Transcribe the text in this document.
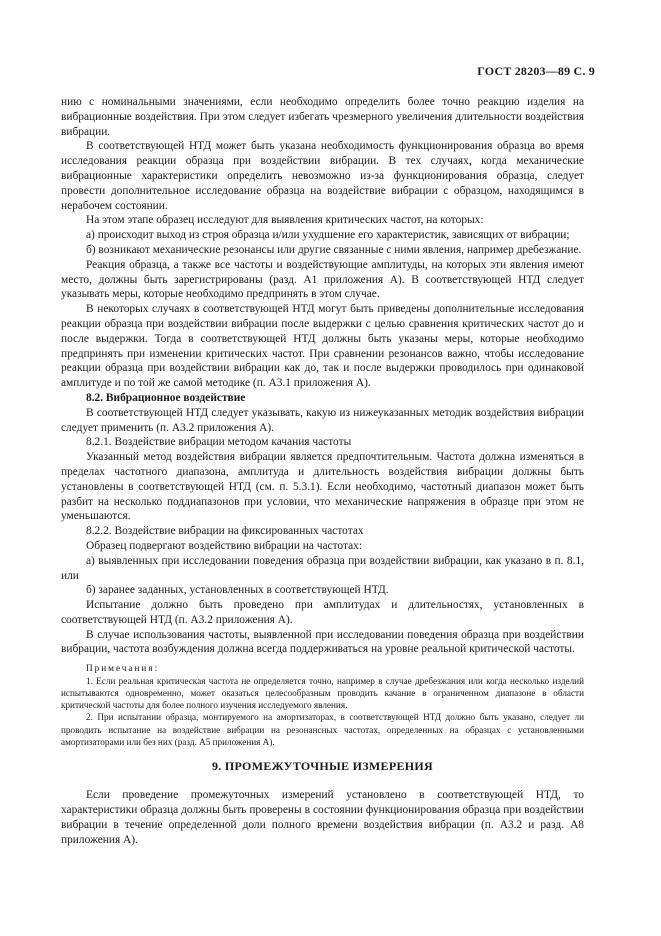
ГОСТ 28203—89 С. 9

нию с номинальными значениями, если необходимо определить более точно реакцию изделия на вибрационные воздействия. При этом следует избегать чрезмерного увеличения длительности воздействия вибрации.

В соответствующей НТД может быть указана необходимость функционирования образца во время исследования реакции образца при воздействии вибрации. В тех случаях, когда механические вибрационные характеристики определить невозможно из-за функционирования образца, следует провести дополнительное исследование образца на воздействие вибрации с образцом, находящимся в нерабочем состоянии.

На этом этапе образец исследуют для выявления критических частот, на которых:

а) происходит выход из строя образца и/или ухудшение его характеристик, зависящих от вибрации;

б) возникают механические резонансы или другие связанные с ними явления, например дребезжание.

Реакция образца, а также все частоты и воздействующие амплитуды, на которых эти явления имеют место, должны быть зарегистрированы (разд. А1 приложения А). В соответствующей НТД следует указывать меры, которые необходимо предпринять в этом случае.

В некоторых случаях в соответствующей НТД могут быть приведены дополнительные исследования реакции образца при воздействии вибрации после выдержки с целью сравнения критических частот до и после выдержки. Тогда в соответствующей НТД должны быть указаны меры, которые необходимо предпринять при изменении критических частот. При сравнении резонансов важно, чтобы исследование реакции образца при воздействии вибрации как до, так и после выдержки проводилось при одинаковой амплитуде и по той же самой методике (п. А3.1 приложения А).

8.2. Вибрационное воздействие

В соответствующей НТД следует указывать, какую из нижеуказанных методик воздействия вибрации следует применить (п. А3.2 приложения А).

8.2.1. Воздействие вибрации методом качания частоты

Указанный метод воздействия вибрации является предпочтительным. Частота должна изменяться в пределах частотного диапазона, амплитуда и длительность воздействия вибрации должны быть установлены в соответствующей НТД (см. п. 5.3.1). Если необходимо, частотный диапазон может быть разбит на несколько поддиапазонов при условии, что механические напряжения в образце при этом не уменьшаются.

8.2.2. Воздействие вибрации на фиксированных частотах

Образец подвергают воздействию вибрации на частотах:

а) выявленных при исследовании поведения образца при воздействии вибрации, как указано в п. 8.1, или

б) заранее заданных, установленных в соответствующей НТД.

Испытание должно быть проведено при амплитудах и длительностях, установленных в соответствующей НТД (п. А3.2 приложения А).

В случае использования частоты, выявленной при исследовании поведения образца при воздействии вибрации, частота возбуждения должна всегда поддерживаться на уровне реальной критической частоты.

Примечания:

1. Если реальная критическая частота не определяется точно, например в случае дребезжания или когда несколько изделий испытываются одновременно, может оказаться целесообразным проводить качание в ограниченном диапазоне в области критической частоты для более полного изучения исследуемого явления.

2. При испытании образца, монтируемого на амортизаторах, в соответствующей НТД должно быть указано, следует ли проводить испытание на воздействие вибрации на резонансных частотах, определенных на образцах с установленными амортизаторами или без них (разд. А5 приложения А).

9. ПРОМЕЖУТОЧНЫЕ ИЗМЕРЕНИЯ

Если проведение промежуточных измерений установлено в соответствующей НТД, то характеристики образца должны быть проверены в состоянии функционирования образца при воздействии вибрации в течение определенной доли полного времени воздействия вибрации (п. А3.2 и разд. А8 приложения А).
